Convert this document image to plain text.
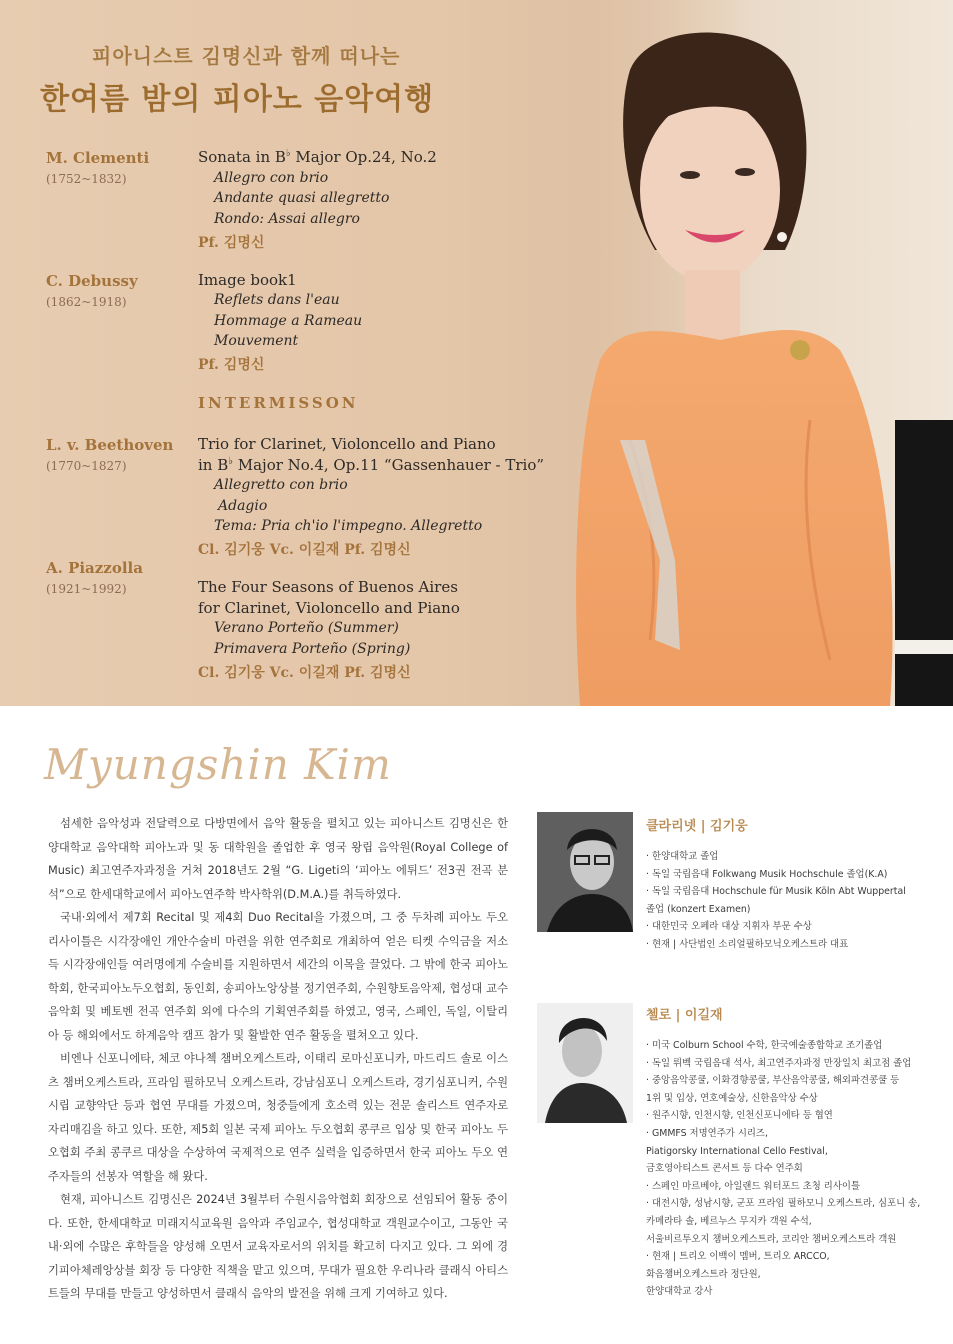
피아니스트 김명신과 함께 떠나는
한여름 밤의 피아노 음악여행
M. Clementi
(1752~1832)
Sonata in B♭ Major Op.24, No.2
Allegro con brio
Andante quasi allegretto
Rondo: Assai allegro
Pf. 김명신
C. Debussy
(1862~1918)
Image book1
Reflets dans l'eau
Hommage a Rameau
Mouvement
Pf. 김명신
INTERMISSON
L. v. Beethoven
(1770~1827)
Trio for Clarinet, Violoncello and Piano
in B♭ Major No.4, Op.11 “Gassenhauer - Trio”
Allegretto con brio
Adagio
Tema: Pria ch'io l'impegno. Allegretto
Cl. 김기웅 Vc. 이길재 Pf. 김명신
A. Piazzolla
(1921~1992)	The Four Seasons of Buenos Aires
for Clarinet, Violoncello and Piano
Verano Porteño (Summer)
Primavera Porteño (Spring)
Cl. 김기웅 Vc. 이길재 Pf. 김명신
Myungshin Kim

섬세한 음악성과 전달력으로 다방면에서 음악 활동을 펼치고 있는 피아니스트 김명신은 한양대학교 음악대학 피아노과 및 동 대학원을 졸업한 후 영국 왕립 음악원(Royal College of Music) 최고연주자과정을 거쳐 2018년도 2월 “G. Ligeti의 ‘피아노 에튀드’ 전3권 전곡 분석”으로 한세대학교에서 피아노연주학 박사학위(D.M.A.)를 취득하였다.

국내·외에서 제7회 Recital 및 제4회 Duo Recital을 가졌으며, 그 중 두차례 피아노 두오 리사이틀은 시각장애인 개안수술비 마련을 위한 연주회로 개최하여 얻은 티켓 수익금을 저소득 시각장애인들 여러명에게 수술비를 지원하면서 세간의 이목을 끌었다. 그 밖에 한국 피아노학회, 한국피아노두오협회, 동인회, 송피아노앙상블 정기연주회, 수원향토음악제, 협성대 교수음악회 및 베토벤 전곡 연주회 외에 다수의 기획연주회를 하였고, 영국, 스페인, 독일, 이탈리아 등 해외에서도 하계음악 캠프 참가 및 활발한 연주 활동을 펼쳐오고 있다.

비엔나 신포니에타, 체코 야나첵 챔버오케스트라, 이태리 로마신포니카, 마드리드 솔로 이스츠 챔버오케스트라, 프라임 필하모닉 오케스트라, 강남심포니 오케스트라, 경기심포니커, 수원시립 교향악단 등과 협연 무대를 가졌으며, 청중들에게 호소력 있는 전문 솔리스트 연주자로 자리매김을 하고 있다. 또한, 제5회 일본 국제 피아노 두오협회 콩쿠르 입상 및 한국 피아노 두오협회 주최 콩쿠르 대상을 수상하여 국제적으로 연주 실력을 입증하면서 한국 피아노 두오 연주자들의 선봉자 역할을 해 왔다.

현재, 피아니스트 김명신은 2024년 3월부터 수원시음악협회 회장으로 선임되어 활동 중이다. 또한, 한세대학교 미래지식교육원 음악과 주임교수, 협성대학교 객원교수이고, 그동안 국내·외에 수많은 후학들을 양성해 오면서 교육자로서의 위치를 확고히 다지고 있다. 그 외에 경기피아체레앙상블 회장 등 다양한 직책을 맡고 있으며, 무대가 필요한 우리나라 클래식 아티스트들의 무대를 만들고 양성하면서 클래식 음악의 발전을 위해 크게 기여하고 있다.

클라리넷 | 김기웅
· 한양대학교 졸업
· 독일 국립음대 Folkwang Musik Hochschule 졸업(K.A)
· 독일 국립음대 Hochschule für Musik Köln Abt Wuppertal
졸업 (konzert Examen)
· 대한민국 오페라 대상 지휘자 부문 수상
· 현재 | 사단법인 소리얼필하모닉오케스트라 대표
첼로 | 이길재
· 미국 Colburn School 수학, 한국예술종합학교 조기졸업
· 독일 뤼벡 국립음대 석사, 최고연주자과정 만장일치 최고점 졸업
· 중앙음악콩쿨, 이화경향콩쿨, 부산음악콩쿨, 해외파견콩쿨 등
1위 및 입상, 연호예술상, 신한음악상 수상
· 원주시향, 인천시향, 인천신포니에타 등 협연
· GMMFS 저명연주가 시리즈,
Piatigorsky International Cello Festival,
금호영아티스트 콘서트 등 다수 연주회
· 스페인 마르베야, 아일랜드 워터포드 초청 리사이틀
· 대전시향, 성남시향, 군포 프라임 필하모니 오케스트라, 심포니 송,
카메라타 솔, 베르누스 무지카 객원 수석,
서울비르투오지 챔버오케스트라, 코리안 챔버오케스트라 객원
· 현재 | 트리오 이백이 멤버, 트리오 ARCCO,
화음챔버오케스트라 정단원,
한양대학교 강사
